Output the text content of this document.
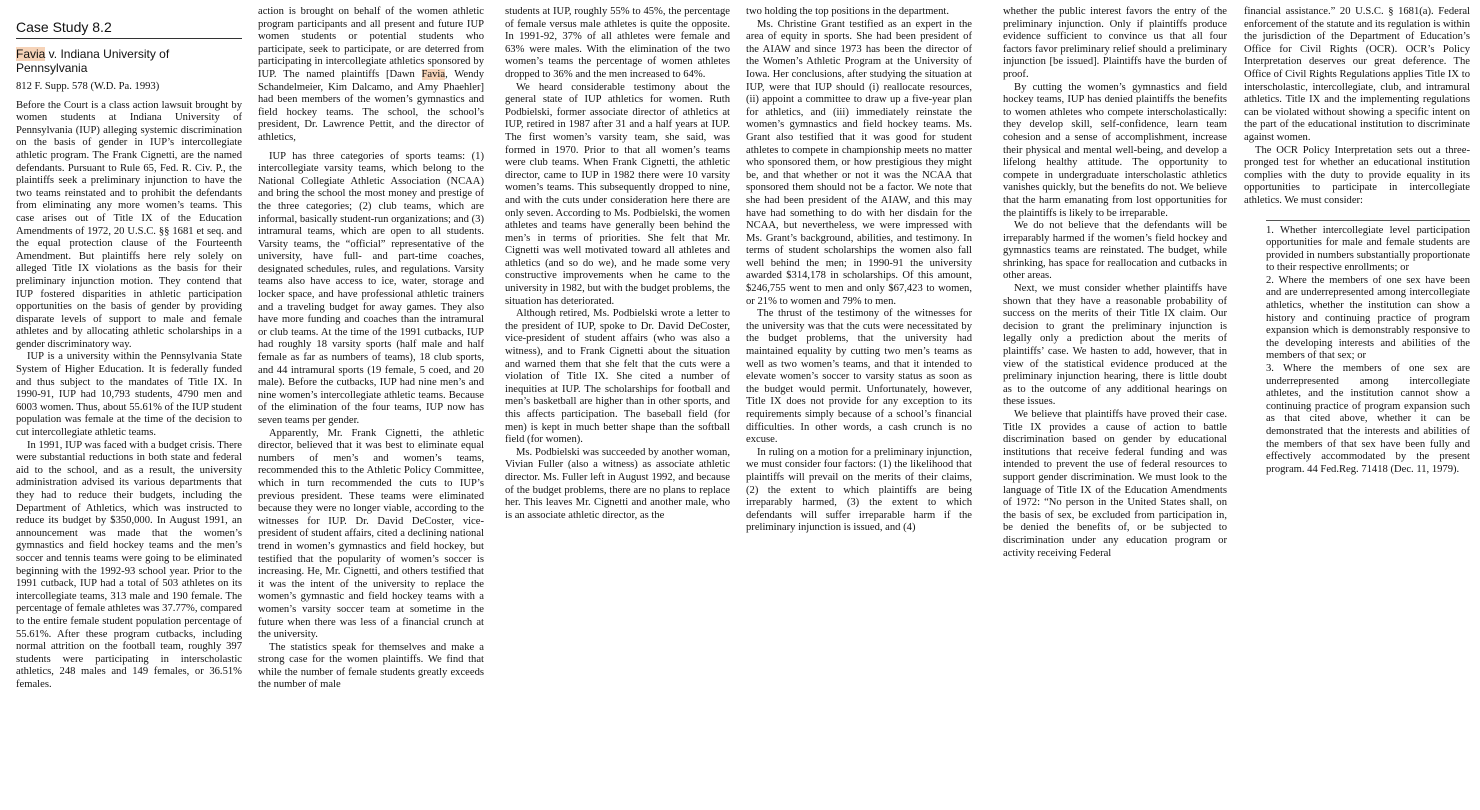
Case Study 8.2
Favia v. Indiana University of Pennsylvania
812 F. Supp. 578 (W.D. Pa. 1993)

Before the Court is a class action lawsuit brought by women students at Indiana University of Pennsylvania (IUP) alleging systemic discrimination on the basis of gender in IUP’s intercollegiate athletic program. The Frank Cignetti, are the named defendants. Pursuant to Rule 65, Fed. R. Civ. P., the plaintiffs seek a preliminary injunction to have the two teams reinstated and to prohibit the defendants from eliminating any more women’s teams. This case arises out of Title IX of the Education Amendments of 1972, 20 U.S.C. §§ 1681 et seq. and the equal protection clause of the Fourteenth Amendment. But plaintiffs here rely solely on alleged Title IX violations as the basis for their preliminary injunction motion. They contend that IUP fostered disparities in athletic participation opportunities on the basis of gender by providing disparate levels of support to male and female athletes and by allocating athletic scholarships in a gender discriminatory way.

IUP is a university within the Pennsylvania State System of Higher Education. It is federally funded and thus subject to the mandates of Title IX. In 1990-91, IUP had 10,793 students, 4790 men and 6003 women. Thus, about 55.61% of the IUP student population was female at the time of the decision to cut intercollegiate athletic teams.

In 1991, IUP was faced with a budget crisis. There were substantial reductions in both state and federal aid to the school, and as a result, the university administration advised its various departments that they had to reduce their budgets, including the Department of Athletics, which was instructed to reduce its budget by $350,000. In August 1991, an announcement was made that the women’s gymnastics and field hockey teams and the men’s soccer and tennis teams were going to be eliminated beginning with the 1992-93 school year. Prior to the 1991 cutback, IUP had a total of 503 athletes on its intercollegiate teams, 313 male and 190 female. The percentage of female athletes was 37.77%, compared to the entire female student population percentage of 55.61%. After these program cutbacks, including normal attrition on the football team, roughly 397 students were participating in interscholastic athletics, 248 males and 149 females, or 36.51% females.

action is brought on behalf of the women athletic program participants and all present and future IUP women students or potential students who participate, seek to participate, or are deterred from participating in intercollegiate athletics sponsored by IUP. The named plaintiffs [Dawn Favia, Wendy Schandelmeier, Kim Dalcamo, and Amy Phaehler] had been members of the women’s gymnastics and field hockey teams. The school, the school’s president, Dr. Lawrence Pettit, and the director of athletics,

IUP has three categories of sports teams: (1) intercollegiate varsity teams, which belong to the National Collegiate Athletic Association (NCAA) and bring the school the most money and prestige of the three categories; (2) club teams, which are informal, basically student-run organizations; and (3) intramural teams, which are open to all students. Varsity teams, the “official” representative of the university, have full- and part-time coaches, designated schedules, rules, and regulations. Varsity teams also have access to ice, water, storage and locker space, and have professional athletic trainers and a traveling budget for away games. They also have more funding and coaches than the intramural or club teams. At the time of the 1991 cutbacks, IUP had roughly 18 varsity sports (half male and half female as far as numbers of teams), 18 club sports, and 44 intramural sports (19 female, 5 coed, and 20 male). Before the cutbacks, IUP had nine men’s and nine women’s intercollegiate athletic teams. Because of the elimination of the four teams, IUP now has seven teams per gender.

Apparently, Mr. Frank Cignetti, the athletic director, believed that it was best to eliminate equal numbers of men’s and women’s teams, recommended this to the Athletic Policy Committee, which in turn recommended the cuts to IUP’s previous president. These teams were eliminated because they were no longer viable, according to the witnesses for IUP. Dr. David DeCoster, vice-president of student affairs, cited a declining national trend in women’s gymnastics and field hockey, but testified that the popularity of women’s soccer is increasing. He, Mr. Cignetti, and others testified that it was the intent of the university to replace the women’s gymnastic and field hockey teams with a women’s varsity soccer team at sometime in the future when there was less of a financial crunch at the university.

The statistics speak for themselves and make a strong case for the women plaintiffs. We find that while the number of female students greatly exceeds the number of male

students at IUP, roughly 55% to 45%, the percentage of female versus male athletes is quite the opposite. In 1991-92, 37% of all athletes were female and 63% were males. With the elimination of the two women’s teams the percentage of women athletes dropped to 36% and the men increased to 64%.

We heard considerable testimony about the general state of IUP athletics for women. Ruth Podbielski, former associate director of athletics at IUP, retired in 1987 after 31 and a half years at IUP. The first women’s varsity team, she said, was formed in 1970. Prior to that all women’s teams were club teams. When Frank Cignetti, the athletic director, came to IUP in 1982 there were 10 varsity women’s teams. This subsequently dropped to nine, and with the cuts under consideration here there are only seven. According to Ms. Podbielski, the women athletes and teams have generally been behind the men’s in terms of priorities. She felt that Mr. Cignetti was well motivated toward all athletes and athletics (and so do we), and he made some very constructive improvements when he came to the university in 1982, but with the budget problems, the situation has deteriorated.

Although retired, Ms. Podbielski wrote a letter to the president of IUP, spoke to Dr. David DeCoster, vice-president of student affairs (who was also a witness), and to Frank Cignetti about the situation and warned them that she felt that the cuts were a violation of Title IX. She cited a number of inequities at IUP. The scholarships for football and men’s basketball are higher than in other sports, and this affects participation. The baseball field (for men) is kept in much better shape than the softball field (for women).

Ms. Podbielski was succeeded by another woman, Vivian Fuller (also a witness) as associate athletic director. Ms. Fuller left in August 1992, and because of the budget problems, there are no plans to replace her. This leaves Mr. Cignetti and another male, who is an associate athletic director, as the

two holding the top positions in the department.

Ms. Christine Grant testified as an expert in the area of equity in sports. She had been president of the AIAW and since 1973 has been the director of the Women’s Athletic Program at the University of Iowa. Her conclusions, after studying the situation at IUP, were that IUP should (i) reallocate resources, (ii) appoint a committee to draw up a five-year plan for athletics, and (iii) immediately reinstate the women’s gymnastics and field hockey teams. Ms. Grant also testified that it was good for student athletes to compete in championship meets no matter who sponsored them, or how prestigious they might be, and that whether or not it was the NCAA that sponsored them should not be a factor. We note that she had been president of the AIAW, and this may have had something to do with her disdain for the NCAA, but nevertheless, we were impressed with Ms. Grant’s background, abilities, and testimony. In terms of student scholarships the women also fall well behind the men; in 1990-91 the university awarded $314,178 in scholarships. Of this amount, $246,755 went to men and only $67,423 to women, or 21% to women and 79% to men.

The thrust of the testimony of the witnesses for the university was that the cuts were necessitated by the budget problems, that the university had maintained equality by cutting two men’s teams as well as two women’s teams, and that it intended to elevate women’s soccer to varsity status as soon as the budget would permit. Unfortunately, however, Title IX does not provide for any exception to its requirements simply because of a school’s financial difficulties. In other words, a cash crunch is no excuse.

In ruling on a motion for a preliminary injunction, we must consider four factors: (1) the likelihood that plaintiffs will prevail on the merits of their claims, (2) the extent to which plaintiffs are being irreparably harmed, (3) the extent to which defendants will suffer irreparable harm if the preliminary injunction is issued, and (4)

whether the public interest favors the entry of the preliminary injunction. Only if plaintiffs produce evidence sufficient to convince us that all four factors favor preliminary relief should a preliminary injunction [be issued]. Plaintiffs have the burden of proof.

By cutting the women’s gymnastics and field hockey teams, IUP has denied plaintiffs the benefits to women athletes who compete interscholastically: they develop skill, self-confidence, learn team cohesion and a sense of accomplishment, increase their physical and mental well-being, and develop a lifelong healthy attitude. The opportunity to compete in undergraduate interscholastic athletics vanishes quickly, but the benefits do not. We believe that the harm emanating from lost opportunities for the plaintiffs is likely to be irreparable.

We do not believe that the defendants will be irreparably harmed if the women’s field hockey and gymnastics teams are reinstated. The budget, while shrinking, has space for reallocation and cutbacks in other areas.

Next, we must consider whether plaintiffs have shown that they have a reasonable probability of success on the merits of their Title IX claim. Our decision to grant the preliminary injunction is legally only a prediction about the merits of plaintiffs’ case. We hasten to add, however, that in view of the statistical evidence produced at the preliminary injunction hearing, there is little doubt as to the outcome of any additional hearings on these issues.

We believe that plaintiffs have proved their case. Title IX provides a cause of action to battle discrimination based on gender by educational institutions that receive federal funding and was intended to prevent the use of federal resources to support gender discrimination. We must look to the language of Title IX of the Education Amendments of 1972: “No person in the United States shall, on the basis of sex, be excluded from participation in, be denied the benefits of, or be subjected to discrimination under any education program or activity receiving Federal

financial assistance.” 20 U.S.C. § 1681(a). Federal enforcement of the statute and its regulation is within the jurisdiction of the Department of Education’s Office for Civil Rights (OCR). OCR’s Policy Interpretation deserves our great deference. The Office of Civil Rights Regulations applies Title IX to interscholastic, intercollegiate, club, and intramural athletics. Title IX and the implementing regulations can be violated without showing a specific intent on the part of the educational institution to discriminate against women.

The OCR Policy Interpretation sets out a three-pronged test for whether an educational institution complies with the duty to provide equality in its opportunities to participate in intercollegiate athletics. We must consider:

1. Whether intercollegiate level participation opportunities for male and female students are provided in numbers substantially proportionate to their respective enrollments; or

2. Where the members of one sex have been and are underrepresented among intercollegiate athletics, whether the institution can show a history and continuing practice of program expansion which is demonstrably responsive to the developing interests and abilities of the members of that sex; or

3. Where the members of one sex are underrepresented among intercollegiate athletes, and the institution cannot show a continuing practice of program expansion such as that cited above, whether it can be demonstrated that the interests and abilities of the members of that sex have been fully and effectively accommodated by the present program. 44 Fed.Reg. 71418 (Dec. 11, 1979).
